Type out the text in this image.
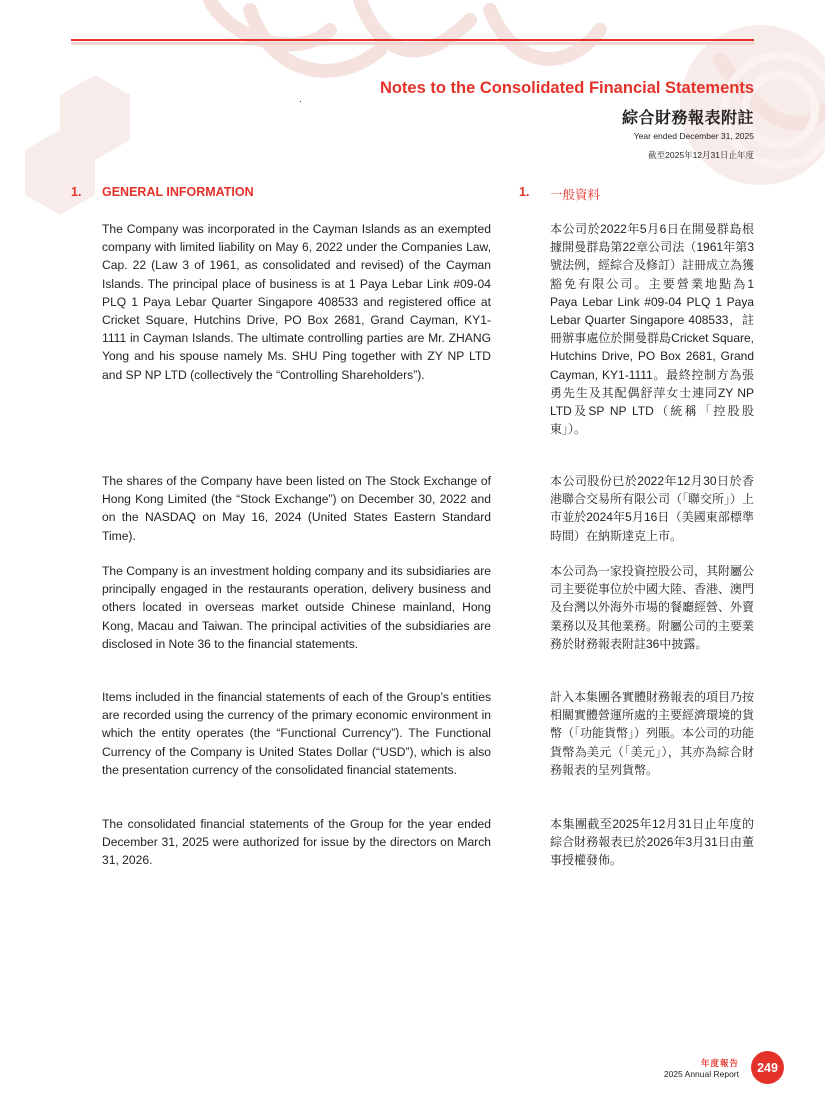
Notes to the Consolidated Financial Statements
綜合財務報表附註
Year ended December 31, 2025
截至2025年12月31日止年度
1. GENERAL INFORMATION	1. 一般資料

The Company was incorporated in the Cayman Islands as an exempted company with limited liability on May 6, 2022 under the Companies Law, Cap. 22 (Law 3 of 1961, as consolidated and revised) of the Cayman Islands. The principal place of business is at 1 Paya Lebar Link #09-04 PLQ 1 Paya Lebar Quarter Singapore 408533 and registered office at Cricket Square, Hutchins Drive, PO Box 2681, Grand Cayman, KY1-1111 in Cayman Islands. The ultimate controlling parties are Mr. ZHANG Yong and his spouse namely Ms. SHU Ping together with ZY NP LTD and SP NP LTD (collectively the “Controlling Shareholders”).

The shares of the Company have been listed on The Stock Exchange of Hong Kong Limited (the “Stock Exchange”) on December 30, 2022 and on the NASDAQ on May 16, 2024 (United States Eastern Standard Time).

The Company is an investment holding company and its subsidiaries are principally engaged in the restaurants operation, delivery business and others located in overseas market outside Chinese mainland, Hong Kong, Macau and Taiwan. The principal activities of the subsidiaries are disclosed in Note 36 to the financial statements.

Items included in the financial statements of each of the Group’s entities are recorded using the currency of the primary economic environment in which the entity operates (the “Functional Currency”). The Functional Currency of the Company is United States Dollar (“USD”), which is also the presentation currency of the consolidated financial statements.

The consolidated financial statements of the Group for the year ended December 31, 2025 were authorized for issue by the directors on March 31, 2026.

本公司於2022年5月6日在開曼群島根據開曼群島第22章公司法（1961年第3號法例，經綜合及修訂）註冊成立為獲豁免有限公司。主要營業地點為1 Paya Lebar Link #09-04 PLQ 1 Paya Lebar Quarter Singapore 408533，註冊辦事處位於開曼群島Cricket Square, Hutchins Drive, PO Box 2681, Grand Cayman, KY1-1111。最終控制方為張勇先生及其配偶舒萍女士連同ZY NP LTD及SP NP LTD（統稱「控股股東」）。

本公司股份已於2022年12月30日於香港聯合交易所有限公司（「聯交所」）上市並於2024年5月16日（美國東部標準時間）在納斯達克上市。

本公司為一家投資控股公司，其附屬公司主要從事位於中國大陸、香港、澳門及台灣以外海外市場的餐廳經營、外賣業務以及其他業務。附屬公司的主要業務於財務報表附註36中披露。

計入本集團各實體財務報表的項目乃按相關實體營運所處的主要經濟環境的貨幣（「功能貨幣」）列賬。本公司的功能貨幣為美元（「美元」），其亦為綜合財務報表的呈列貨幣。

本集團截至2025年12月31日止年度的綜合財務報表已於2026年3月31日由董事授權發佈。

年度報告
2025 Annual Report	249
